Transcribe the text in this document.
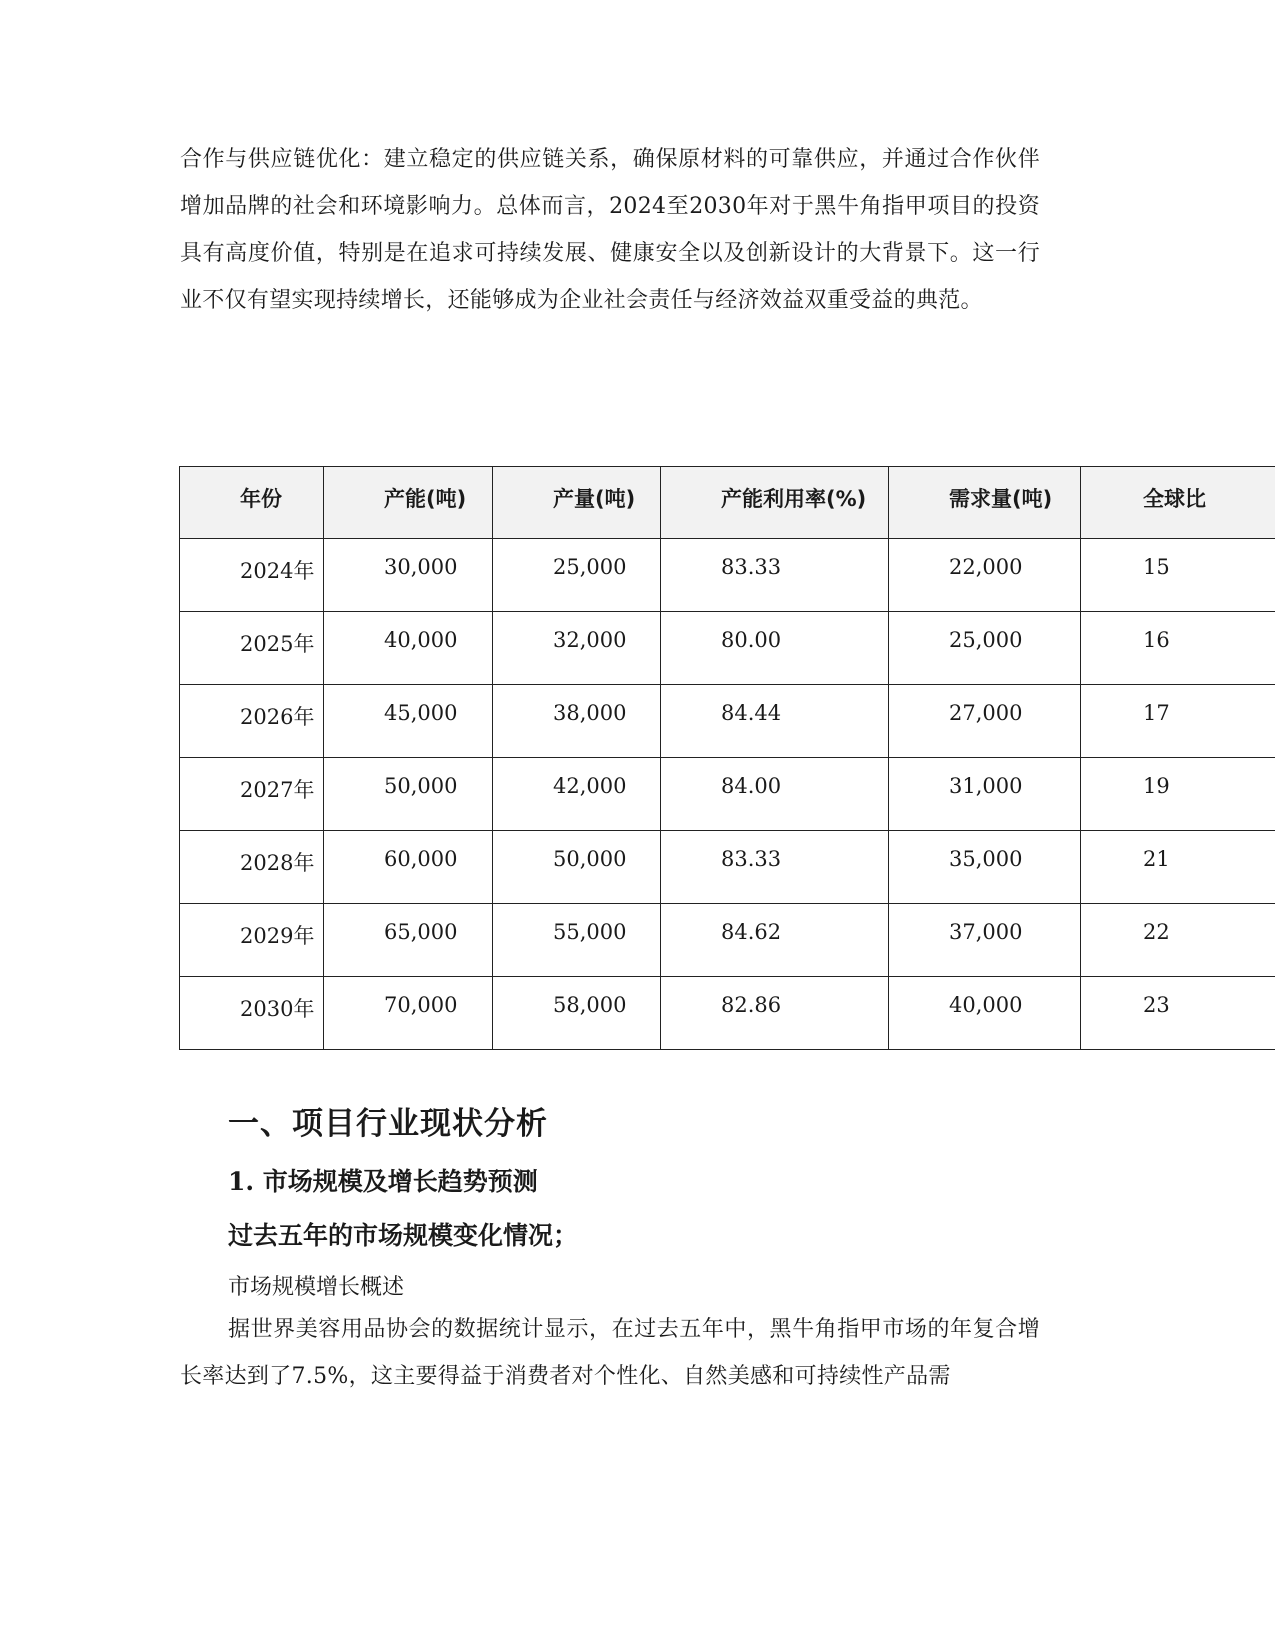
合作与供应链优化：建立稳定的供应链关系，确保原材料的可靠供应，并通过合作伙伴增加品牌的社会和环境影响力。总体而言，2024至2030年对于黑牛角指甲项目的投资具有高度价值，特别是在追求可持续发展、健康安全以及创新设计的大背景下。这一行业不仅有望实现持续增长，还能够成为企业社会责任与经济效益双重受益的典范。

年份	产能(吨)	产量(吨)	产能利用率(%)	需求量(吨)	全球比
2024年	30,000	25,000	83.33	22,000	15
2025年	40,000	32,000	80.00	25,000	16
2026年	45,000	38,000	84.44	27,000	17
2027年	50,000	42,000	84.00	31,000	19
2028年	60,000	50,000	83.33	35,000	21
2029年	65,000	55,000	84.62	37,000	22
2030年	70,000	58,000	82.86	40,000	23
一、项目行业现状分析
1. 市场规模及增长趋势预测
过去五年的市场规模变化情况；

市场规模增长概述

据世界美容用品协会的数据统计显示，在过去五年中，黑牛角指甲市场的年复合增长率达到了7.5%，这主要得益于消费者对个性化、自然美感和可持续性产品需
